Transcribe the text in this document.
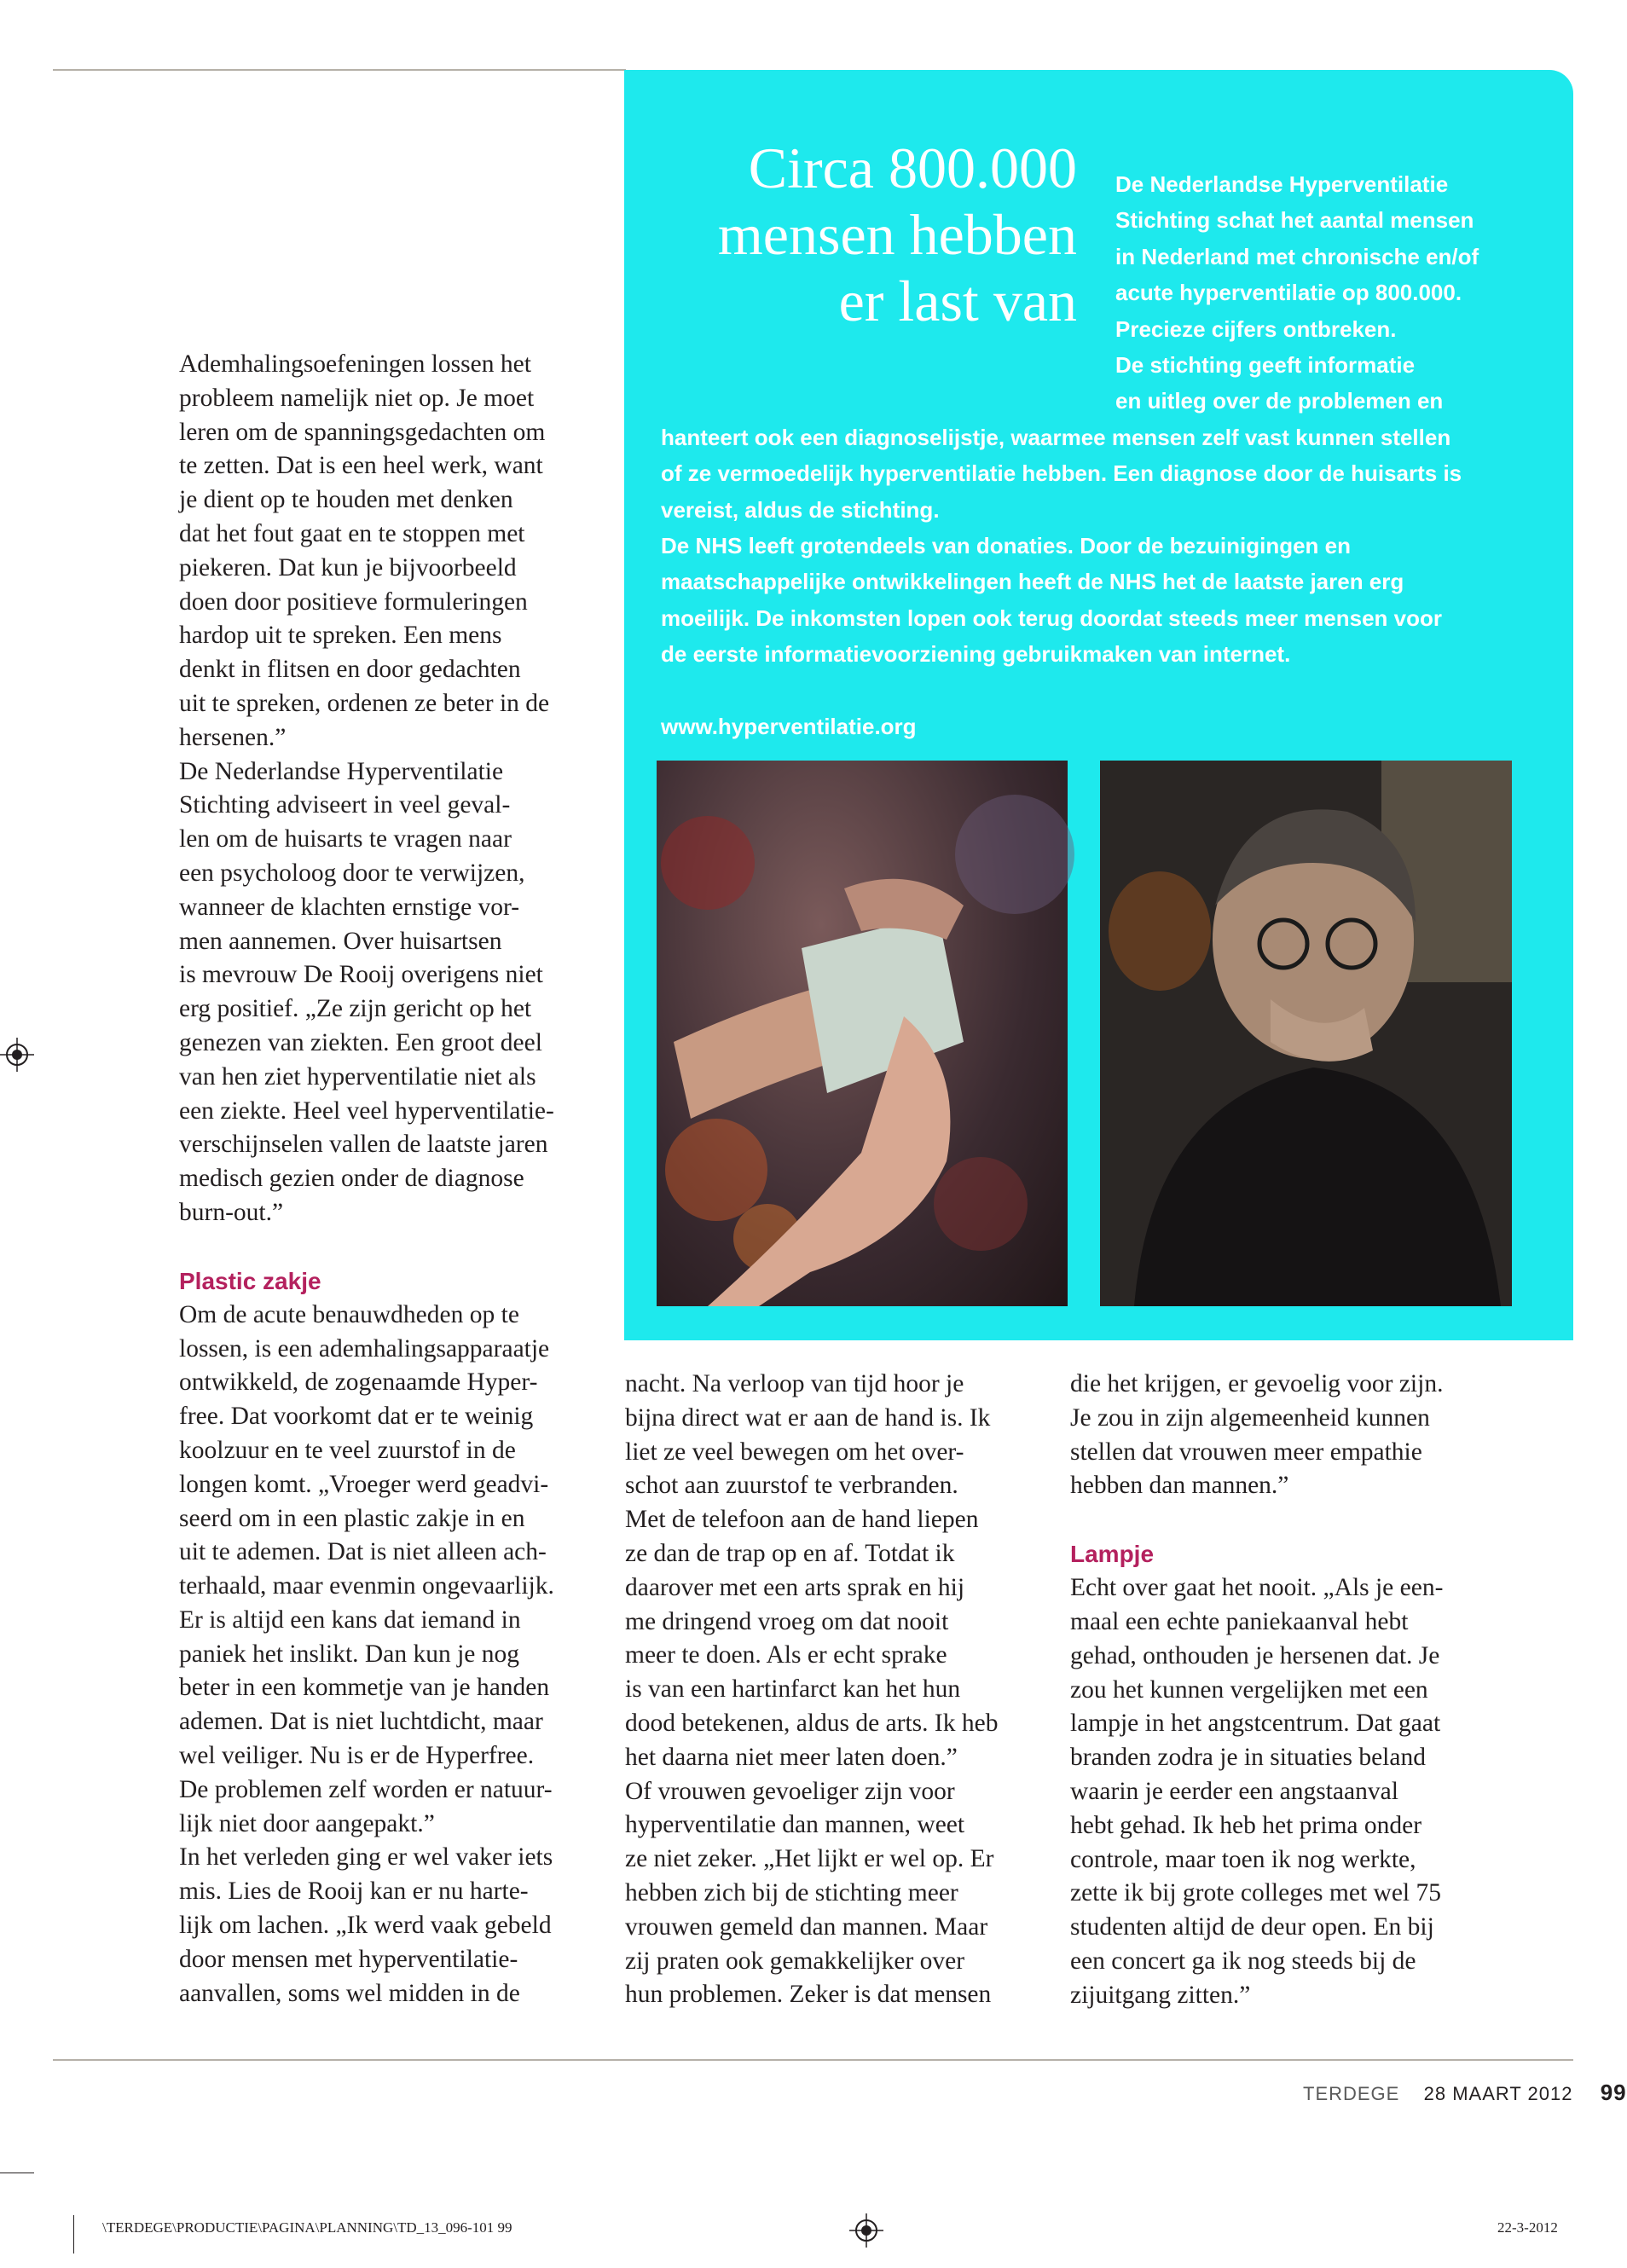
Circa 800.000
mensen hebben
er last van
De Nederlandse Hyperventilatie
Stichting schat het aantal mensen
in Nederland met chronische en/of
acute hyperventilatie op 800.000.
Precieze cijfers ontbreken.
De stichting geeft informatie
en uitleg over de problemen en
hanteert ook een diagnoselijstje, waarmee mensen zelf vast kunnen stellen
of ze vermoedelijk hyperventilatie hebben. Een diagnose door de huisarts is
vereist, aldus de stichting.
De NHS leeft grotendeels van donaties. Door de bezuinigingen en
maatschappelijke ontwikkelingen heeft de NHS het de laatste jaren erg
moeilijk. De inkomsten lopen ook terug doordat steeds meer mensen voor
de eerste informatievoorziening gebruikmaken van internet.
www.hyperventilatie.org
Ademhalingsoefeningen lossen het
probleem namelijk niet op. Je moet
leren om de spanningsgedachten om
te zetten. Dat is een heel werk, want
je dient op te houden met denken
dat het fout gaat en te stoppen met
piekeren. Dat kun je bijvoorbeeld
doen door positieve formuleringen
hardop uit te spreken. Een mens
denkt in flitsen en door gedachten
uit te spreken, ordenen ze beter in de
hersenen.”
De Nederlandse Hyperventilatie
Stichting adviseert in veel geval-
len om de huisarts te vragen naar
een psycholoog door te verwijzen,
wanneer de klachten ernstige vor-
men aannemen. Over huisartsen
is mevrouw De Rooij overigens niet
erg positief. „Ze zijn gericht op het
genezen van ziekten. Een groot deel
van hen ziet hyperventilatie niet als
een ziekte. Heel veel hyperventilatie-
verschijnselen vallen de laatste jaren
medisch gezien onder de diagnose
burn-out.”
Plastic zakje
Om de acute benauwdheden op te
lossen, is een ademhalingsapparaatje
ontwikkeld, de zogenaamde Hyper-
free. Dat voorkomt dat er te weinig
koolzuur en te veel zuurstof in de
longen komt. „Vroeger werd geadvi-
seerd om in een plastic zakje in en
uit te ademen. Dat is niet alleen ach-
terhaald, maar evenmin ongevaarlijk.
Er is altijd een kans dat iemand in
paniek het inslikt. Dan kun je nog
beter in een kommetje van je handen
ademen. Dat is niet luchtdicht, maar
wel veiliger. Nu is er de Hyperfree.
De problemen zelf worden er natuur-
lijk niet door aangepakt.”
In het verleden ging er wel vaker iets
mis. Lies de Rooij kan er nu harte-
lijk om lachen. „Ik werd vaak gebeld
door mensen met hyperventilatie-
aanvallen, soms wel midden in de
nacht. Na verloop van tijd hoor je
bijna direct wat er aan de hand is. Ik
liet ze veel bewegen om het over-
schot aan zuurstof te verbranden.
Met de telefoon aan de hand liepen
ze dan de trap op en af. Totdat ik
daarover met een arts sprak en hij
me dringend vroeg om dat nooit
meer te doen. Als er echt sprake
is van een hartinfarct kan het hun
dood betekenen, aldus de arts. Ik heb
het daarna niet meer laten doen.”
Of vrouwen gevoeliger zijn voor
hyperventilatie dan mannen, weet
ze niet zeker. „Het lijkt er wel op. Er
hebben zich bij de stichting meer
vrouwen gemeld dan mannen. Maar
zij praten ook gemakkelijker over
hun problemen. Zeker is dat mensen
die het krijgen, er gevoelig voor zijn.
Je zou in zijn algemeenheid kunnen
stellen dat vrouwen meer empathie
hebben dan mannen.”
Lampje
Echt over gaat het nooit. „Als je een-
maal een echte paniekaanval hebt
gehad, onthouden je hersenen dat. Je
zou het kunnen vergelijken met een
lampje in het angstcentrum. Dat gaat
branden zodra je in situaties beland
waarin je eerder een angstaanval
hebt gehad. Ik heb het prima onder
controle, maar toen ik nog werkte,
zette ik bij grote colleges met wel 75
studenten altijd de deur open. En bij
een concert ga ik nog steeds bij de
zijuitgang zitten.”
TERDEGE 28 MAART 2012 99
\TERDEGE\PRODUCTIE\PAGINA\PLANNING\TD_13_096-101 99	22-3-2012
